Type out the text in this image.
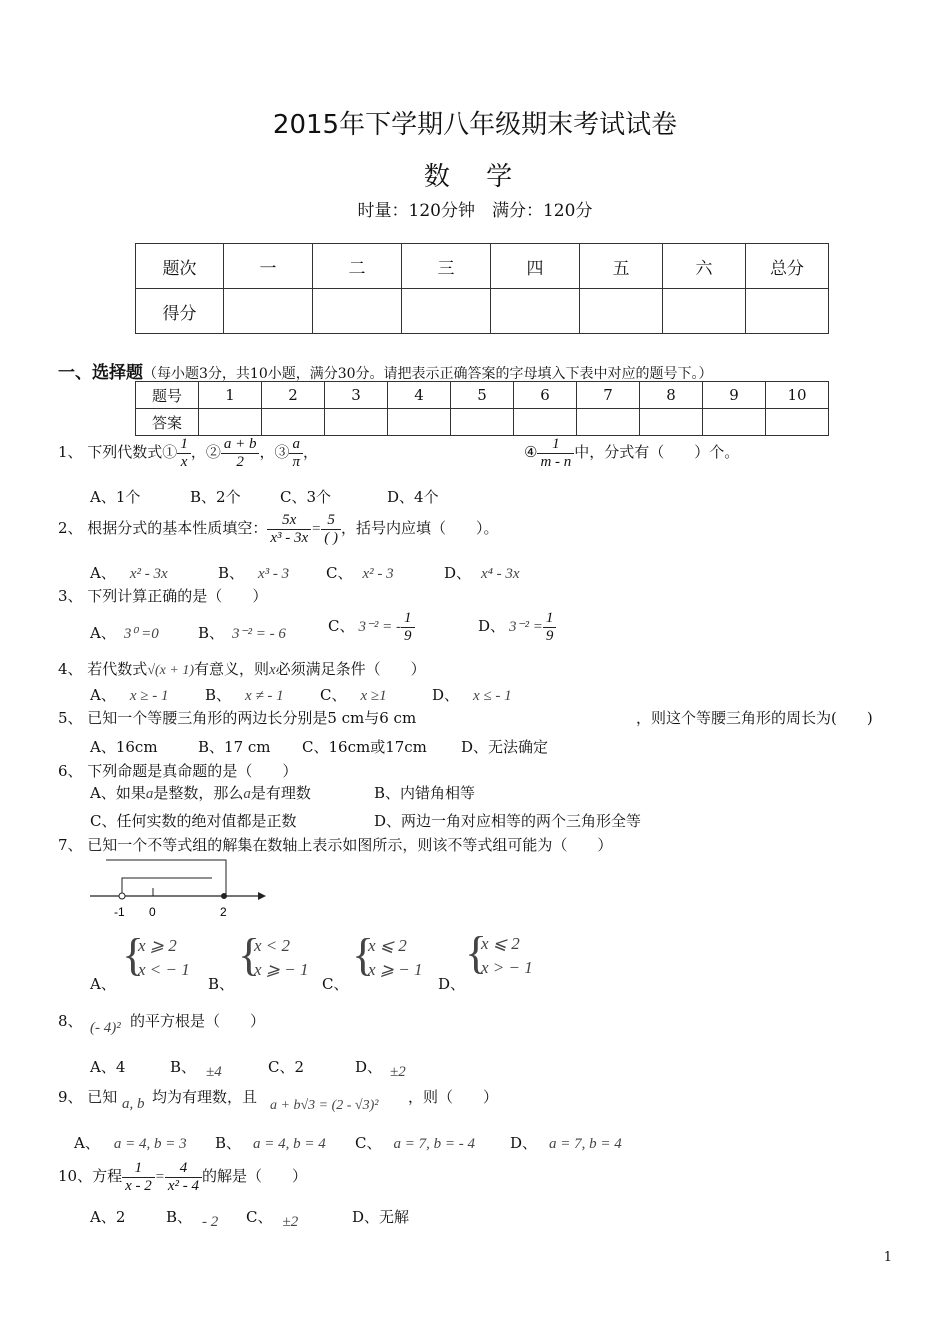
2015年下学期八年级期末考试试卷
数 学
时量：120分钟　满分：120分
题次	一	二	三	四	五	六	总分
得分							
一、选择题（每小题3分，共10小题，满分30分。请把表示正确答案的字母填入下表中对应的题号下。）
题号	1	2	3	4	5	6	7	8	9	10
答案										
1、 下列代数式① $\frac{1}{x}$ ，② $\frac{a + b}{2}$ ，③ $\frac{a}{\pi}$ ，	④ $\frac{1}{m - n}$ 中，分式有（　　）个。
A、1个	B、2个	C、3个	D、4个
2、 根据分式的基本性质填空： $\frac{5x}{\text{x³ - 3x}} = \frac{5}{( )}$ ，括号内应填（　　）。
A、 x² - 3x	B、 x³ - 3 C、 x² - 3	D、 x⁴ - 3x
3、 下列计算正确的是（　　）
A、 3⁰ =0	B、 3⁻² = - 6	C、 3⁻² = - $\frac{1}{9}$	D、 $3^{-2} = \frac{1}{9}$
4、 若代数式√(x + 1)有意义，则x必须满足条件（　　）
A、 x ≥ - 1 B、 x ≠ - 1 C、 x ≥1	D、 x ≤ - 1
5、 已知一个等腰三角形的两边长分别是5 cm与6 cm	，则这个等腰三角形的周长为(　　)
A、16cm	B、17 cm C、16cm或17cm D、无法确定
6、 下列命题是真命题的是（　　）
A、如果a是整数，那么a是有理数	B、内错角相等
C、任何实数的绝对值都是正数	D、两边一角对应相等的两个三角形全等
7、 已知一个不等式组的解集在数轴上表示如图所示，则该不等式组可能为（　　）
-1 0	2
A、
{
x ⩾ 2
x < − 1
B、
{
x < 2
x ⩾ − 1
C、
{
x ⩽ 2
x ⩾ − 1
D、
{
x ⩽ 2
x > − 1
8、 (- 4)² 的平方根是（　　）
A、4	B、 ±4	C、2	D、 ±2
9、 已知 a, b 均为有理数，且 a + b√3 = (2 - √3)² ，则（　　）
A、 a = 4, b = 3 B、 a = 4, b = 4 C、 a = 7, b = - 4 D、 a = 7, b = 4
10、方程 $\frac{1}{x - 2} = \frac{4}{\text{x² - 4}}$ 的解是（　　）
A、2	B、 - 2 C、 ±2	D、无解
1
